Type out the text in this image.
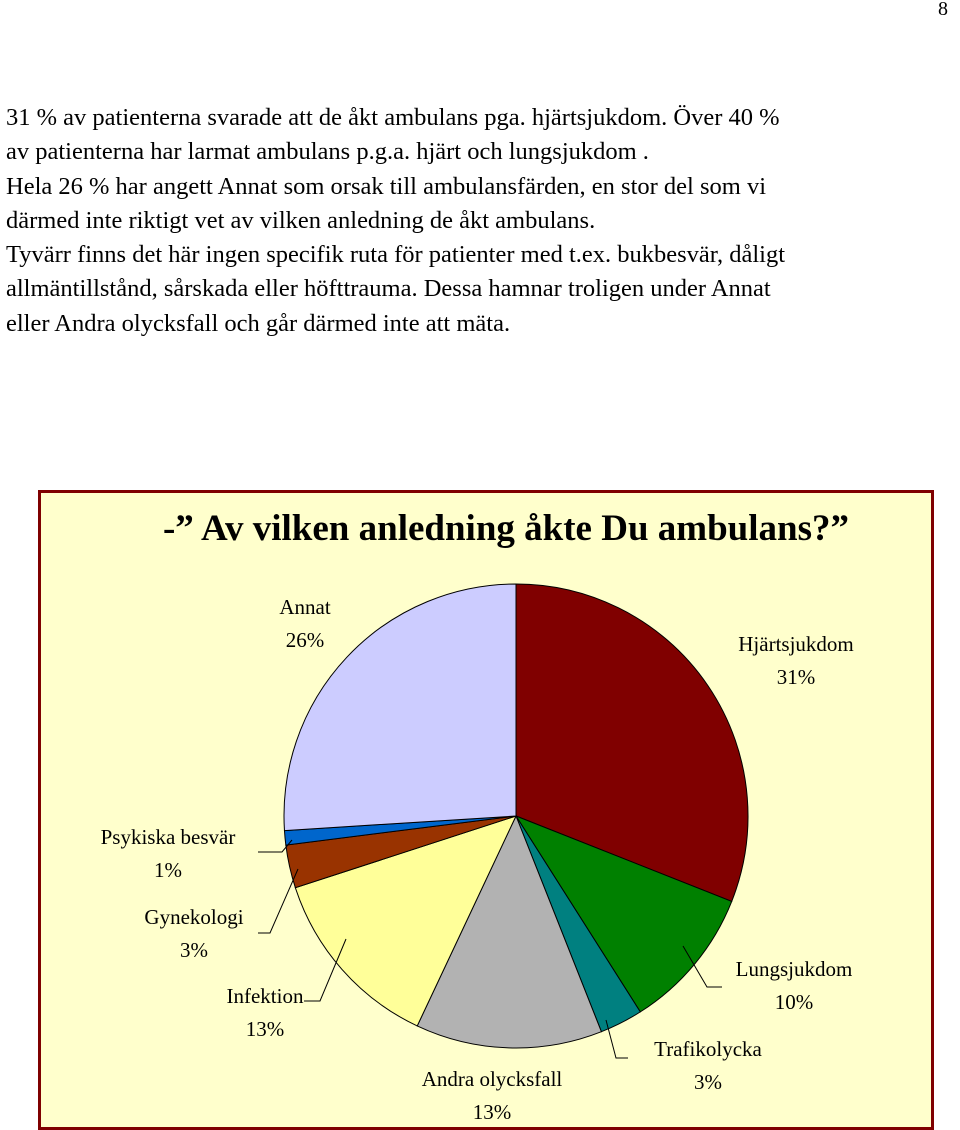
8
31 % av patienterna svarade att de åkt ambulans pga. hjärtsjukdom. Över 40 %
av patienterna har larmat ambulans p.g.a. hjärt och lungsjukdom .
Hela 26 % har angett Annat som orsak till ambulansfärden, en stor del som vi
därmed inte riktigt vet av vilken anledning de åkt ambulans.
Tyvärr finns det här ingen specifik ruta för patienter med t.ex. bukbesvär, dåligt
allmäntillstånd, sårskada eller höfttrauma. Dessa hamnar troligen under Annat
eller Andra olycksfall och går därmed inte att mäta.
-” Av vilken anledning åkte Du ambulans?”
Hjärtsjukdom
31%
Lungsjukdom
10%
Trafikolycka
3%
Andra olycksfall
13%
Infektion
13%
Gynekologi
3%
Psykiska besvär
1%
Annat
26%
